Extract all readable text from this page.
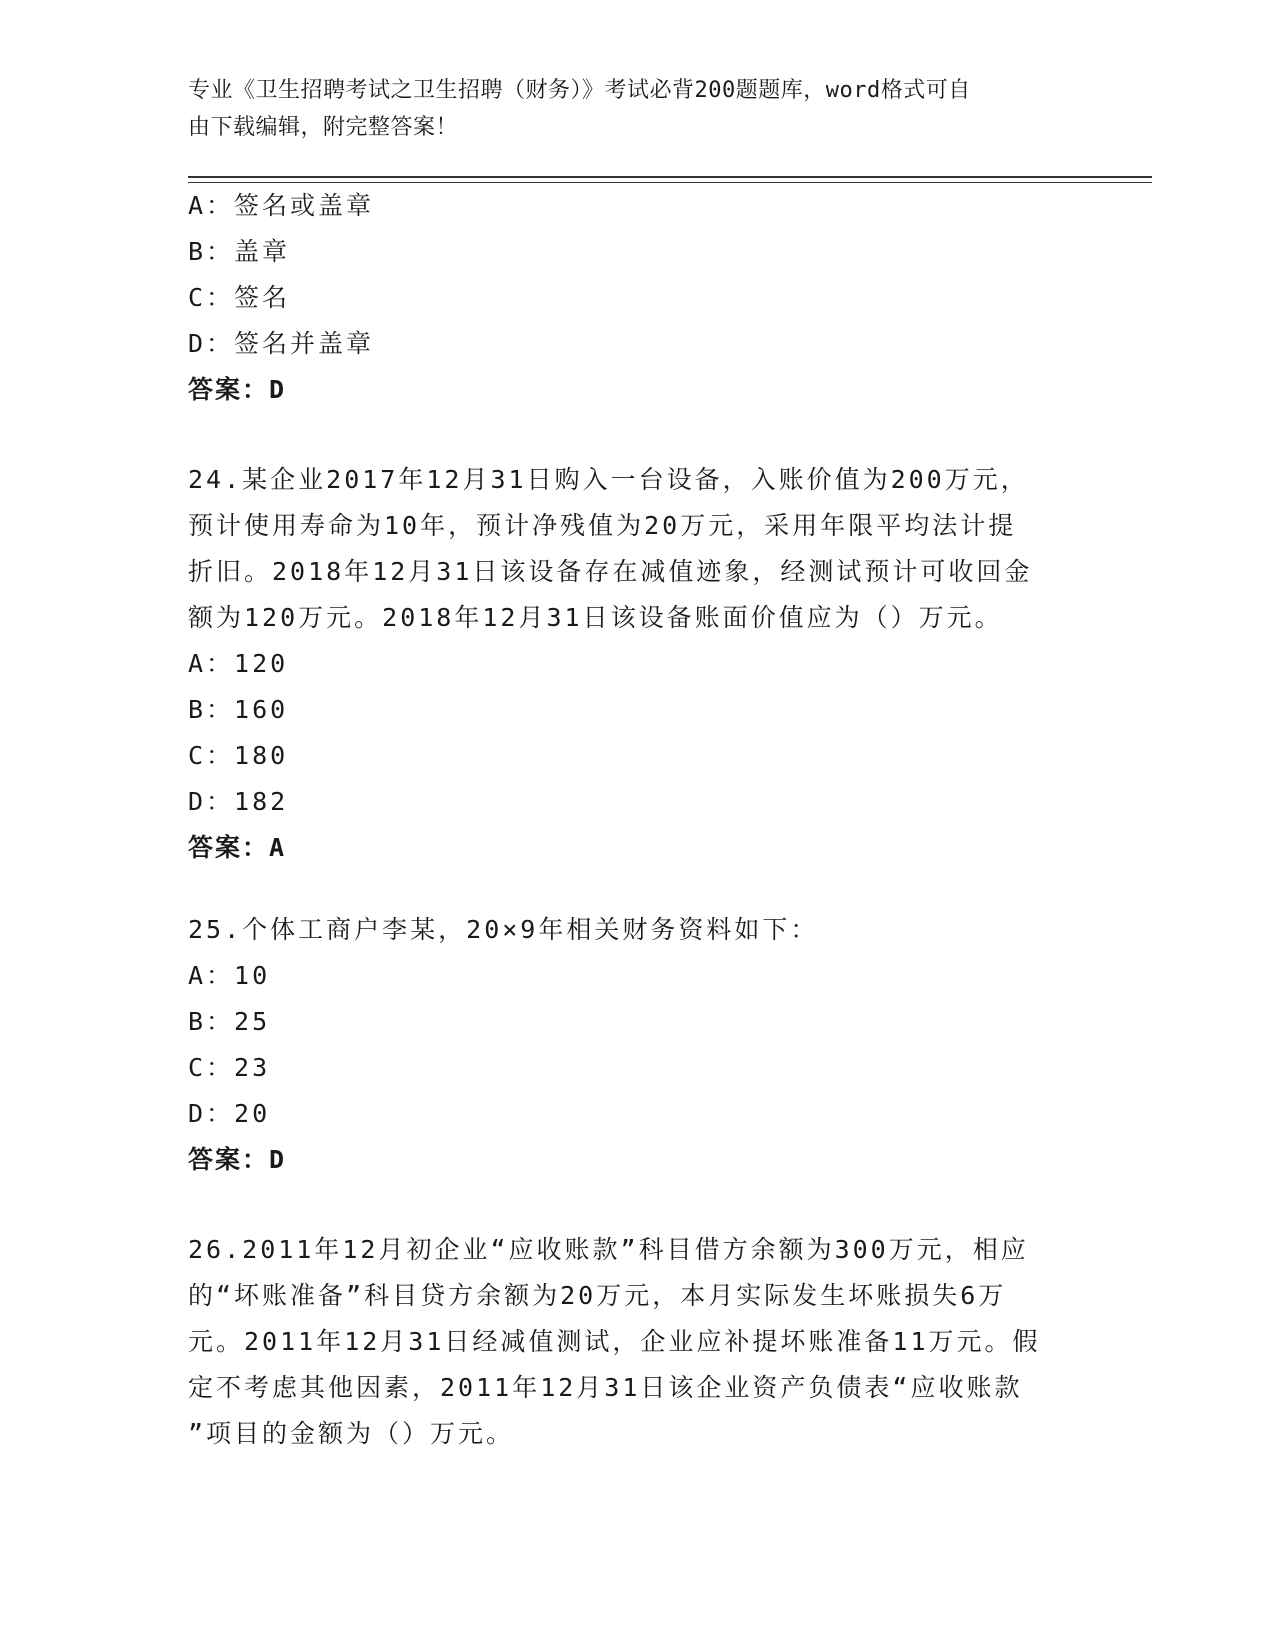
专业《卫生招聘考试之卫生招聘（财务）》考试必背200题题库，word格式可自
由下载编辑，附完整答案！
A：签名或盖章
B：盖章
C：签名
D：签名并盖章
答案：D
24.某企业2017年12月31日购入一台设备，入账价值为200万元，
预计使用寿命为10年，预计净残值为20万元，采用年限平均法计提
折旧。2018年12月31日该设备存在减值迹象，经测试预计可收回金
额为120万元。2018年12月31日该设备账面价值应为（）万元。
A：120
B：160
C：180
D：182
答案：A
25.个体工商户李某，20×9年相关财务资料如下：
A：10
B：25
C：23
D：20
答案：D
26.2011年12月初企业“应收账款”科目借方余额为300万元，相应
的“坏账准备”科目贷方余额为20万元，本月实际发生坏账损失6万
元。2011年12月31日经减值测试，企业应补提坏账准备11万元。假
定不考虑其他因素，2011年12月31日该企业资产负债表“应收账款
”项目的金额为（）万元。
